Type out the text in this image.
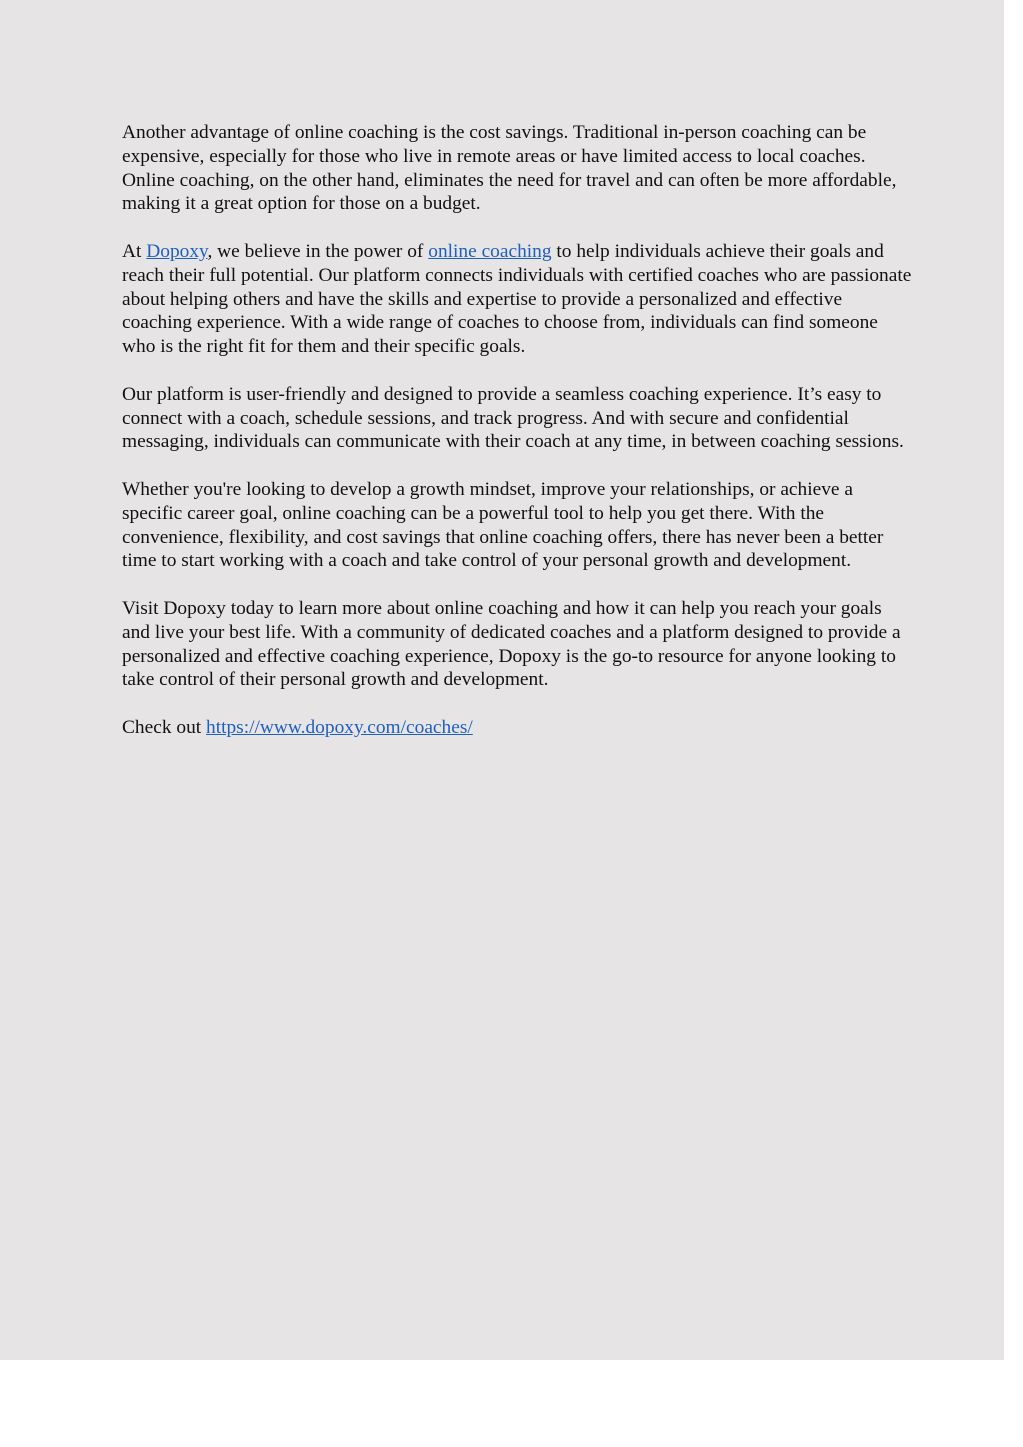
Another advantage of online coaching is the cost savings. Traditional in-person coaching can be expensive, especially for those who live in remote areas or have limited access to local coaches. Online coaching, on the other hand, eliminates the need for travel and can often be more affordable, making it a great option for those on a budget.

At Dopoxy, we believe in the power of online coaching to help individuals achieve their goals and reach their full potential. Our platform connects individuals with certified coaches who are passionate about helping others and have the skills and expertise to provide a personalized and effective coaching experience. With a wide range of coaches to choose from, individuals can find someone who is the right fit for them and their specific goals.

Our platform is user-friendly and designed to provide a seamless coaching experience. It’s easy to connect with a coach, schedule sessions, and track progress. And with secure and confidential messaging, individuals can communicate with their coach at any time, in between coaching sessions.

Whether you're looking to develop a growth mindset, improve your relationships, or achieve a specific career goal, online coaching can be a powerful tool to help you get there. With the convenience, flexibility, and cost savings that online coaching offers, there has never been a better time to start working with a coach and take control of your personal growth and development.

Visit Dopoxy today to learn more about online coaching and how it can help you reach your goals and live your best life. With a community of dedicated coaches and a platform designed to provide a personalized and effective coaching experience, Dopoxy is the go-to resource for anyone looking to take control of their personal growth and development.

Check out https://www.dopoxy.com/coaches/
